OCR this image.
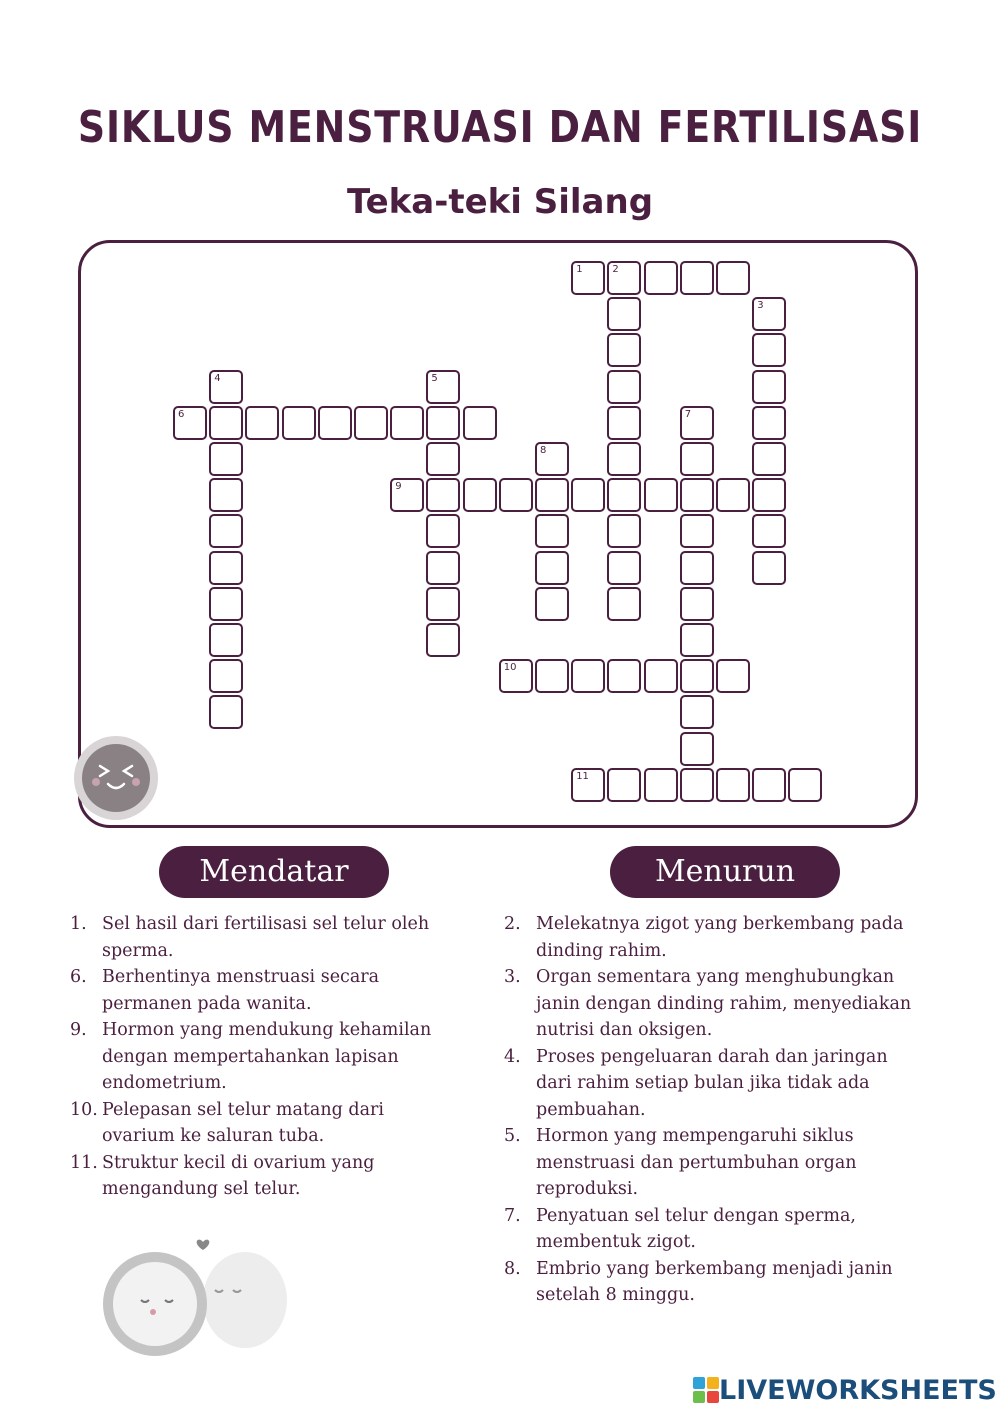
SIKLUS MENSTRUASI DAN FERTILISASI
Teka-teki Silang
1	2
3
4	5
6	7
8
9
10
11
Mendatar	Menurun
1. Sel hasil dari fertilisasi sel telur oleh sperma.
6. Berhentinya menstruasi secara permanen pada wanita.
9. Hormon yang mendukung kehamilan dengan mempertahankan lapisan endometrium.
10. Pelepasan sel telur matang dari ovarium ke saluran tuba.
11. Struktur kecil di ovarium yang mengandung sel telur.
2. Melekatnya zigot yang berkembang pada dinding rahim.
3. Organ sementara yang menghubungkan janin dengan dinding rahim, menyediakan nutrisi dan oksigen.
4. Proses pengeluaran darah dan jaringan dari rahim setiap bulan jika tidak ada pembuahan.
5. Hormon yang mempengaruhi siklus menstruasi dan pertumbuhan organ reproduksi.
7. Penyatuan sel telur dengan sperma, membentuk zigot.
8. Embrio yang berkembang menjadi janin setelah 8 minggu.
LIVEWORKSHEETS
